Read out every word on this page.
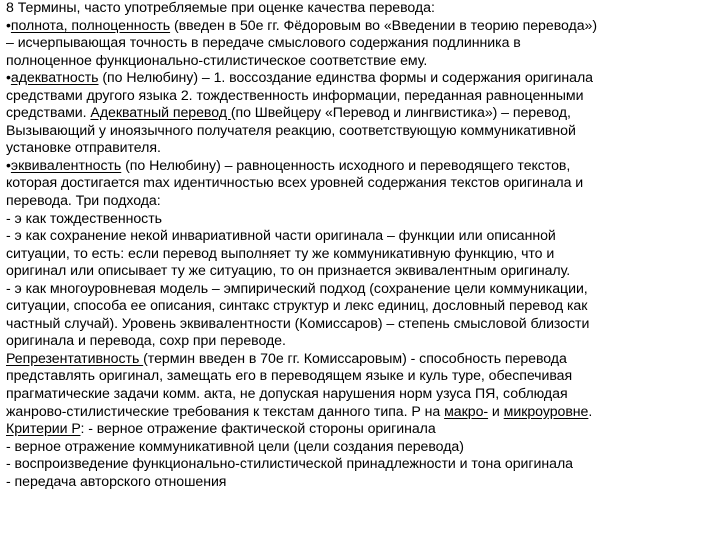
8 Термины, часто употребляемые при оценке качества перевода:
•полнота, полноценность (введен в 50е гг. Фёдоровым во «Введении в теорию перевода»)
– исчерпывающая точность в передаче смыслового содержания подлинника в
полноценное функционально-стилистическое соответствие ему.
•адекватность (по Нелюбину) – 1. воссоздание единства формы и содержания оригинала
средствами другого языка 2. тождественность информации, переданная равноценными
средствами. Адекватный перевод (по Швейцеру «Перевод и лингвистика») – перевод,
Вызывающий у иноязычного получателя реакцию, соответствующую коммуникативной
установке отправителя.
•эквивалентность (по Нелюбину) – равноценность исходного и переводящего текстов,
которая достигается max идентичностью всех уровней содержания текстов оригинала и
перевода. Три подхода:
- э как тождественность
- э как сохранение некой инвариативной части оригинала – функции или описанной
ситуации, то есть: если перевод выполняет ту же коммуникативную функцию, что и
оригинал или описывает ту же ситуацию, то он признается эквивалентным оригиналу.
- э как многоуровневая модель – эмпирический подход (сохранение цели коммуникации,
ситуации, способа ее описания, синтакс структур и лекс единиц, дословный перевод как
частный случай). Уровень эквивалентности (Комиссаров) – степень смысловой близости
оригинала и перевода, сохр при переводе.
Репрезентативность (термин введен в 70е гг. Комиссаровым) - способность перевода
представлять оригинал, замещать его в переводящем языке и куль туре, обеспечивая
прагматические задачи комм. акта, не допуская нарушения норм узуса ПЯ, соблюдая
жанрово-стилистические требования к текстам данного типа. Р на макро- и микроуровне.
Критерии Р: - верное отражение фактической стороны оригинала
- верное отражение коммуникативной цели (цели создания перевода)
- воспроизведение функционально-стилистической принадлежности и тона оригинала
- передача авторского отношения
